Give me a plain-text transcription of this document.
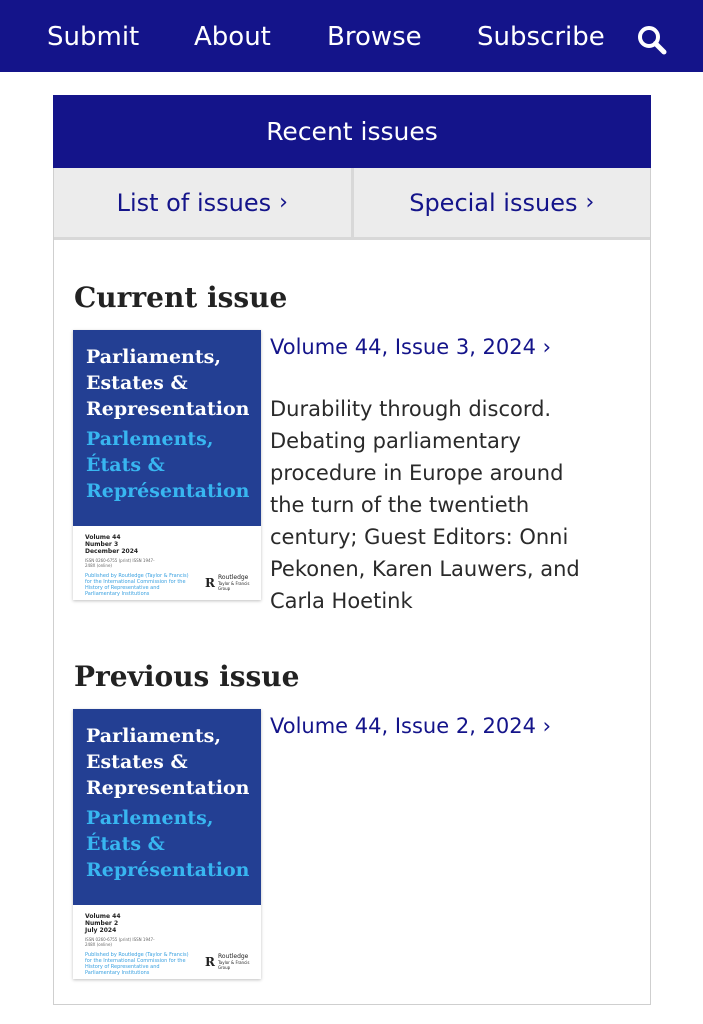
Submit About Browse Subscribe
Recent issues
List of issues ›	Special issues ›
Current issue
Parliaments,
Estates &
Representation
Parlements,
États &
Représentation
Volume 44
Number 3
December 2024
ISSN 0260-6755 (print) ISSN 1947-248X (online)
Published by Routledge (Taylor & Francis) for the International Commission for the History of Representative and Parliamentary Institutions
R Routledge
Taylor & Francis Group
Volume 44, Issue 3, 2024 ›
Durability through discord. Debating parliamentary procedure in Europe around the turn of the twentieth century; Guest Editors: Onni Pekonen, Karen Lauwers, and Carla Hoetink
Previous issue
Parliaments,
Estates &
Representation
Parlements,
États &
Représentation
Volume 44
Number 2
July 2024
ISSN 0260-6755 (print) ISSN 1947-248X (online)
Published by Routledge (Taylor & Francis) for the International Commission for the History of Representative and Parliamentary Institutions
R Routledge
Taylor & Francis Group
Volume 44, Issue 2, 2024 ›
